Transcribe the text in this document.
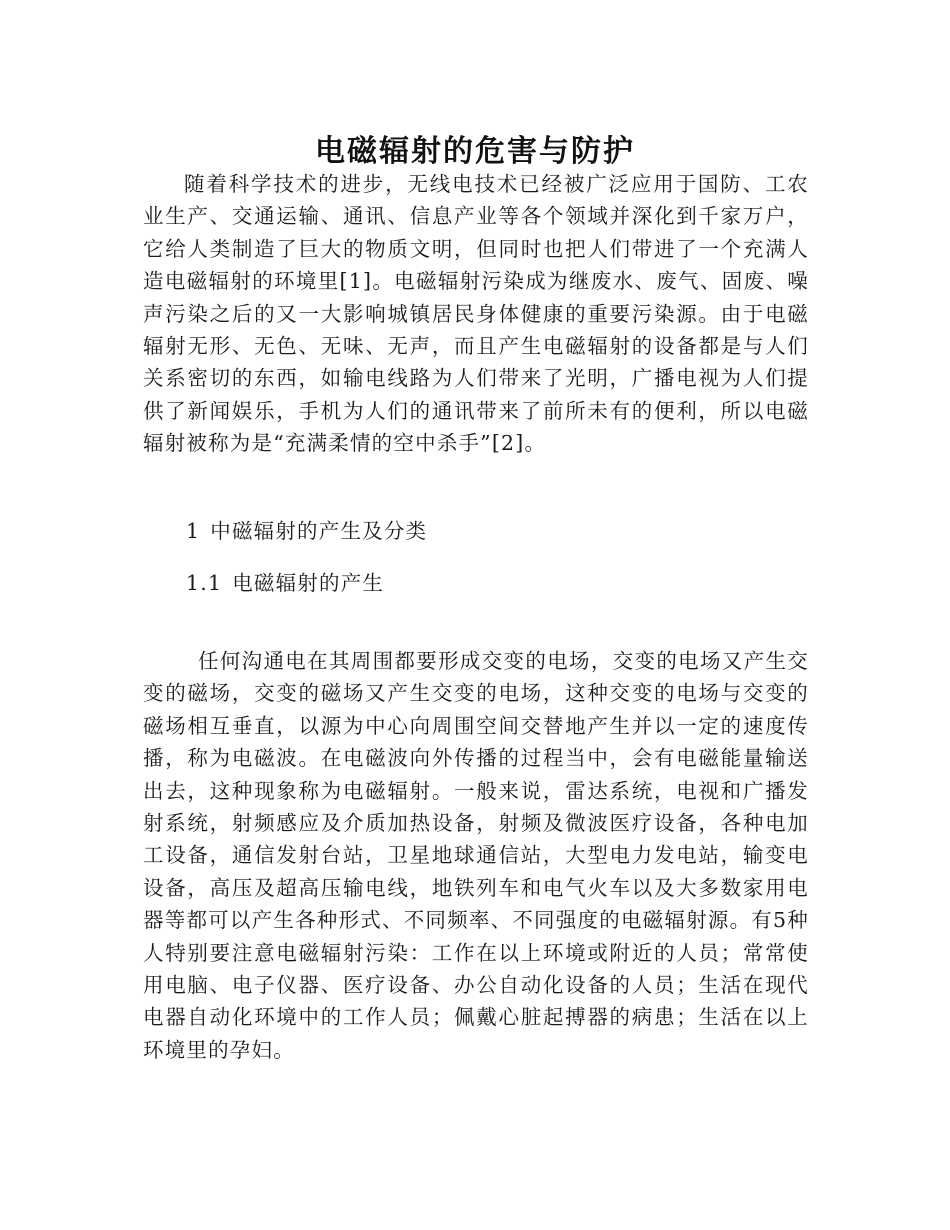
电磁辐射的危害与防护

随着科学技术的进步，无线电技术已经被广泛应用于国防、工农业生产、交通运输、通讯、信息产业等各个领域并深化到千家万户，它给人类制造了巨大的物质文明，但同时也把人们带进了一个充满人造电磁辐射的环境里[1]。电磁辐射污染成为继废水、废气、固废、噪声污染之后的又一大影响城镇居民身体健康的重要污染源。由于电磁辐射无形、无色、无味、无声，而且产生电磁辐射的设备都是与人们关系密切的东西，如输电线路为人们带来了光明，广播电视为人们提供了新闻娱乐，手机为人们的通讯带来了前所未有的便利，所以电磁辐射被称为是“充满柔情的空中杀手”[2]。

1 中磁辐射的产生及分类
1.1 电磁辐射的产生

任何沟通电在其周围都要形成交变的电场，交变的电场又产生交变的磁场，交变的磁场又产生交变的电场，这种交变的电场与交变的磁场相互垂直，以源为中心向周围空间交替地产生并以一定的速度传播，称为电磁波。在电磁波向外传播的过程当中，会有电磁能量输送出去，这种现象称为电磁辐射。一般来说，雷达系统，电视和广播发射系统，射频感应及介质加热设备，射频及微波医疗设备，各种电加工设备，通信发射台站，卫星地球通信站，大型电力发电站，输变电设备，高压及超高压输电线，地铁列车和电气火车以及大多数家用电器等都可以产生各种形式、不同频率、不同强度的电磁辐射源。有5种人特别要注意电磁辐射污染：工作在以上环境或附近的人员；常常使用电脑、电子仪器、医疗设备、办公自动化设备的人员；生活在现代电器自动化环境中的工作人员；佩戴心脏起搏器的病患；生活在以上环境里的孕妇。
